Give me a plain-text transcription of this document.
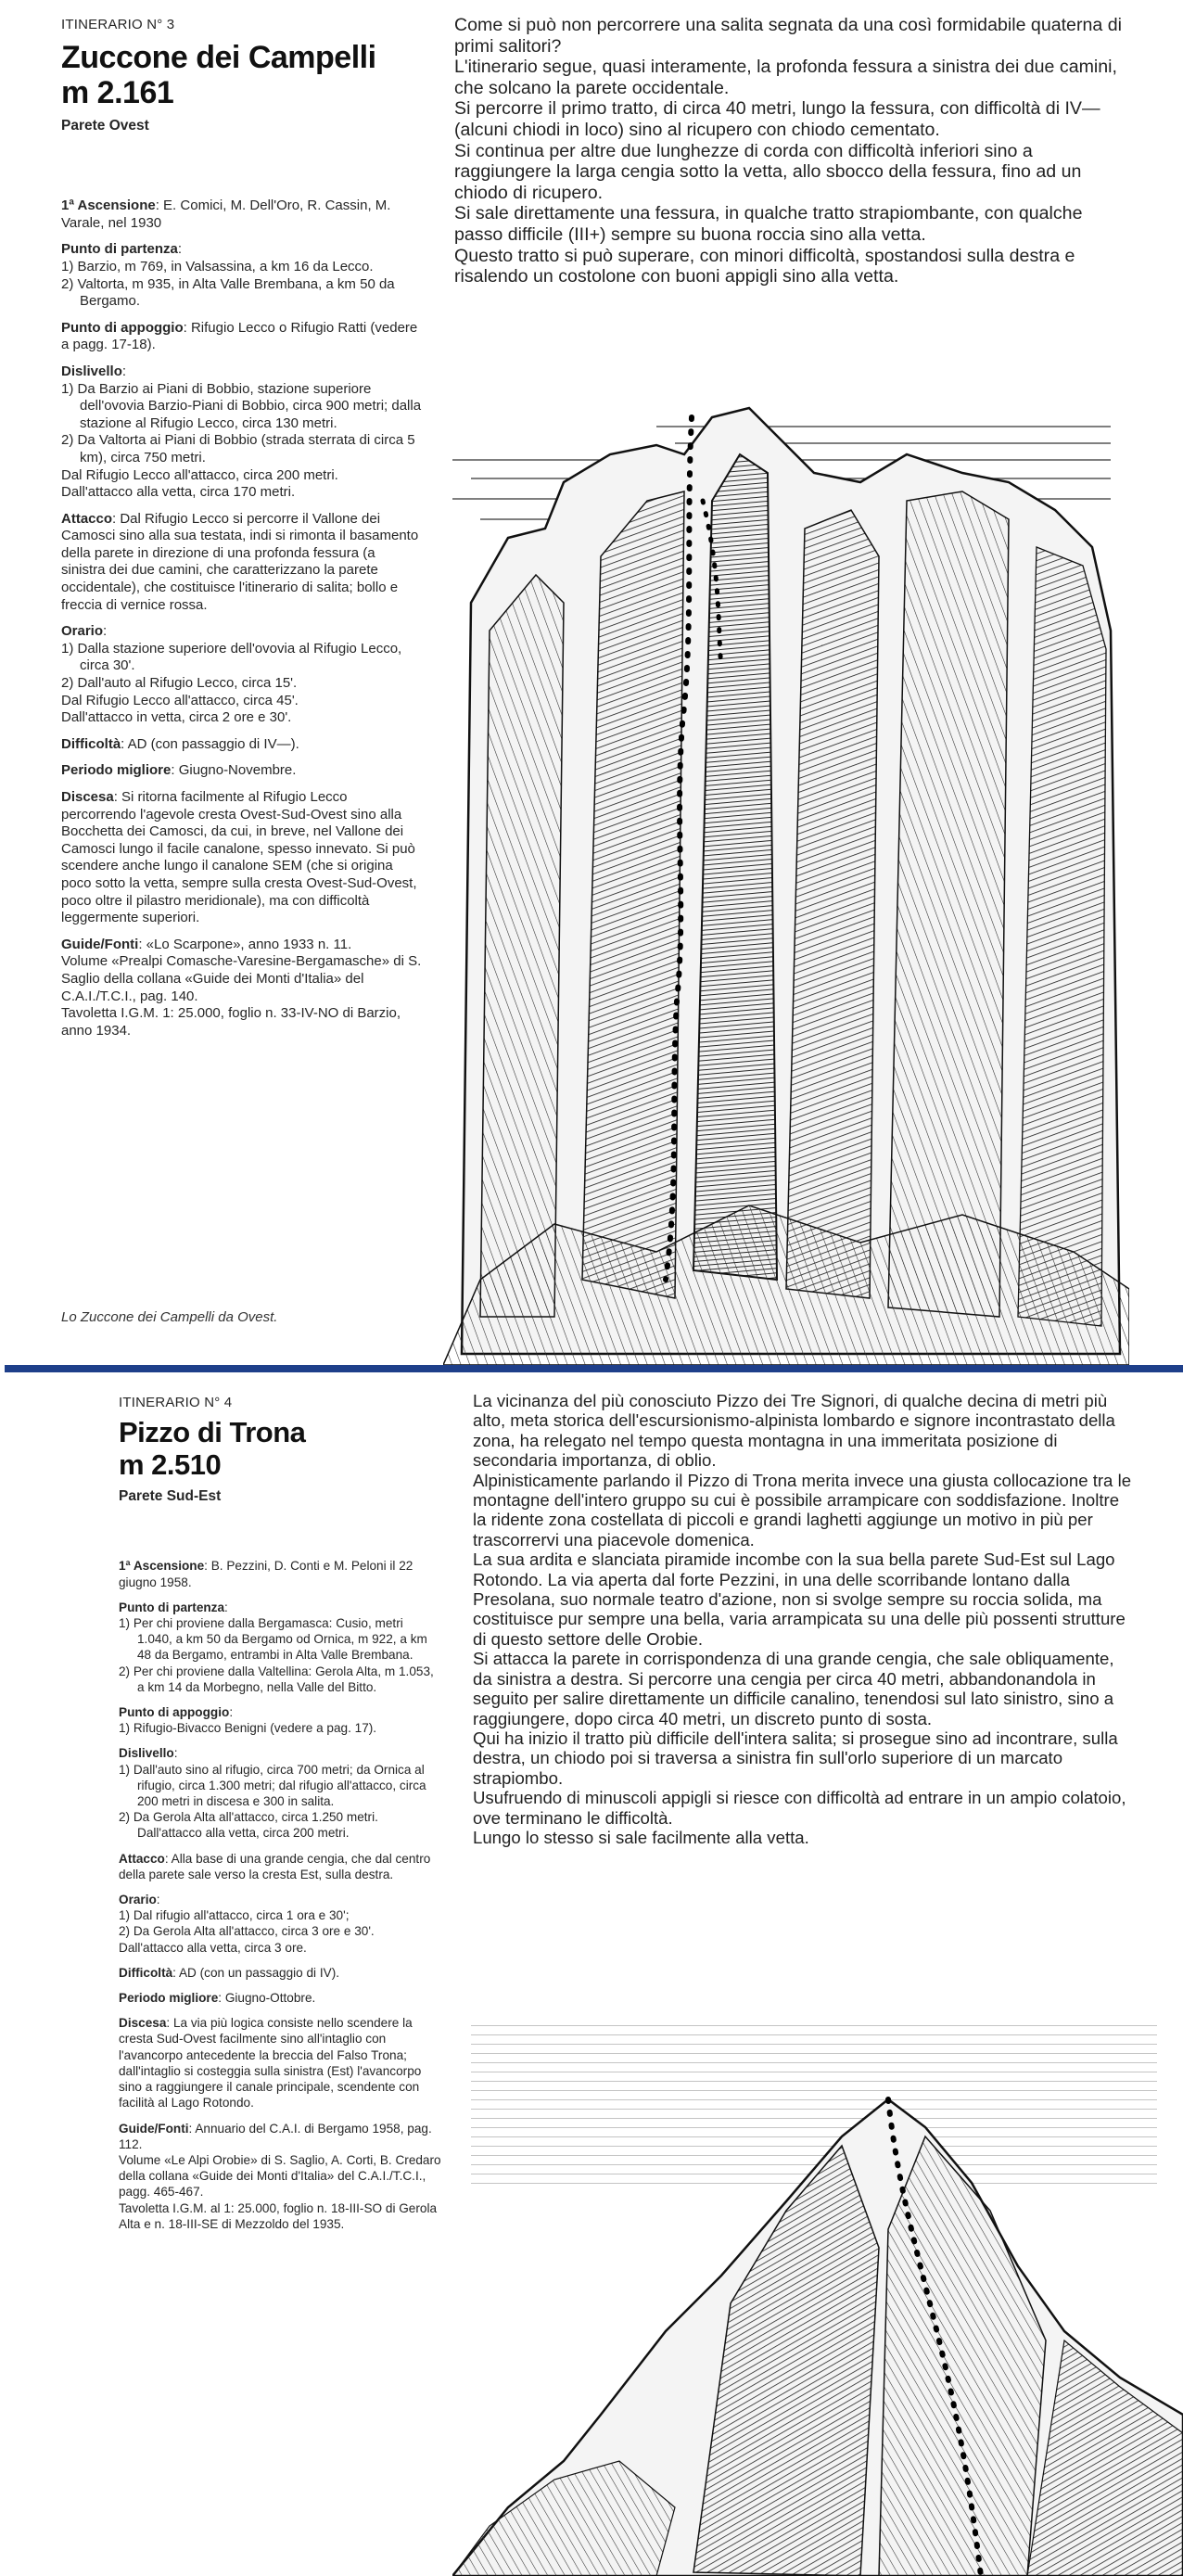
ITINERARIO N° 3

Zuccone dei Campelli
m 2.161

Parete Ovest

1ª Ascensione: E. Comici, M. Dell'Oro, R. Cassin, M. Varale, nel 1930
Punto di partenza:

1) Barzio, m 769, in Valsassina, a km 16 da Lecco.

2) Valtorta, m 935, in Alta Valle Brembana, a km 50 da Bergamo.

Punto di appoggio: Rifugio Lecco o Rifugio Ratti (vedere a pagg. 17-18).
Dislivello:

1) Da Barzio ai Piani di Bobbio, stazione superiore dell'ovovia Barzio-Piani di Bobbio, circa 900 metri; dalla stazione al Rifugio Lecco, circa 130 metri.

2) Da Valtorta ai Piani di Bobbio (strada sterrata di circa 5 km), circa 750 metri.

Dal Rifugio Lecco all'attacco, circa 200 metri.

Dall'attacco alla vetta, circa 170 metri.

Attacco: Dal Rifugio Lecco si percorre il Vallone dei Camosci sino alla sua testata, indi si rimonta il basamento della parete in direzione di una profonda fessura (a sinistra dei due camini, che caratterizzano la parete occidentale), che costituisce l'itinerario di salita; bollo e freccia di vernice rossa.
Orario:

1) Dalla stazione superiore dell'ovovia al Rifugio Lecco, circa 30'.

2) Dall'auto al Rifugio Lecco, circa 15'.

Dal Rifugio Lecco all'attacco, circa 45'.

Dall'attacco in vetta, circa 2 ore e 30'.

Difficoltà: AD (con passaggio di IV—).
Periodo migliore: Giugno-Novembre.
Discesa: Si ritorna facilmente al Rifugio Lecco percorrendo l'agevole cresta Ovest-Sud-Ovest sino alla Bocchetta dei Camosci, da cui, in breve, nel Vallone dei Camosci lungo il facile canalone, spesso innevato. Si può scendere anche lungo il canalone SEM (che si origina poco sotto la vetta, sempre sulla cresta Ovest-Sud-Ovest, poco oltre il pilastro meridionale), ma con difficoltà leggermente superiori.
Guide/Fonti: «Lo Scarpone», anno 1933 n. 11.

Volume «Prealpi Comasche-Varesine-Bergamasche» di S. Saglio della collana «Guide dei Monti d'Italia» del C.A.I./T.C.I., pag. 140.

Tavoletta I.G.M. 1: 25.000, foglio n. 33-IV-NO di Barzio, anno 1934.

Lo Zuccone dei Campelli da Ovest.

Come si può non percorrere una salita segnata da una così formidabile quaterna di primi salitori?

L'itinerario segue, quasi interamente, la profonda fessura a sinistra dei due camini, che solcano la parete occidentale.

Si percorre il primo tratto, di circa 40 metri, lungo la fessura, con difficoltà di IV— (alcuni chiodi in loco) sino al ricupero con chiodo cementato.

Si continua per altre due lunghezze di corda con difficoltà inferiori sino a raggiungere la larga cengia sotto la vetta, allo sbocco della fessura, fino ad un chiodo di ricupero.

Si sale direttamente una fessura, in qualche tratto strapiombante, con qualche passo difficile (III+) sempre su buona roccia sino alla vetta.

Questo tratto si può superare, con minori difficoltà, spostandosi sulla destra e risalendo un costolone con buoni appigli sino alla vetta.

ITINERARIO N° 4

Pizzo di Trona
m 2.510

Parete Sud-Est

1ª Ascensione: B. Pezzini, D. Conti e M. Peloni il 22 giugno 1958.
Punto di partenza:

1) Per chi proviene dalla Bergamasca: Cusio, metri 1.040, a km 50 da Bergamo od Ornica, m 922, a km 48 da Bergamo, entrambi in Alta Valle Brembana.

2) Per chi proviene dalla Valtellina: Gerola Alta, m 1.053, a km 14 da Morbegno, nella Valle del Bitto.

Punto di appoggio:

1) Rifugio-Bivacco Benigni (vedere a pag. 17).

Dislivello:

1) Dall'auto sino al rifugio, circa 700 metri; da Ornica al rifugio, circa 1.300 metri; dal rifugio all'attacco, circa 200 metri in discesa e 300 in salita.

2) Da Gerola Alta all'attacco, circa 1.250 metri. Dall'attacco alla vetta, circa 200 metri.

Attacco: Alla base di una grande cengia, che dal centro della parete sale verso la cresta Est, sulla destra.
Orario:

1) Dal rifugio all'attacco, circa 1 ora e 30';

2) Da Gerola Alta all'attacco, circa 3 ore e 30'.

Dall'attacco alla vetta, circa 3 ore.

Difficoltà: AD (con un passaggio di IV).
Periodo migliore: Giugno-Ottobre.
Discesa: La via più logica consiste nello scendere la cresta Sud-Ovest facilmente sino all'intaglio con l'avancorpo antecedente la breccia del Falso Trona; dall'intaglio si costeggia sulla sinistra (Est) l'avancorpo sino a raggiungere il canale principale, scendente con facilità al Lago Rotondo.
Guide/Fonti: Annuario del C.A.I. di Bergamo 1958, pag. 112.

Volume «Le Alpi Orobie» di S. Saglio, A. Corti, B. Credaro della collana «Guide dei Monti d'Italia» del C.A.I./T.C.I., pagg. 465-467.

Tavoletta I.G.M. al 1: 25.000, foglio n. 18-III-SO di Gerola Alta e n. 18-III-SE di Mezzoldo del 1935.

La vicinanza del più conosciuto Pizzo dei Tre Signori, di qualche decina di metri più alto, meta storica dell'escursionismo-alpinista lombardo e signore incontrastato della zona, ha relegato nel tempo questa montagna in una immeritata posizione di secondaria importanza, di oblio.

Alpinisticamente parlando il Pizzo di Trona merita invece una giusta collocazione tra le montagne dell'intero gruppo su cui è possibile arrampicare con soddisfazione. Inoltre la ridente zona costellata di piccoli e grandi laghetti aggiunge un motivo in più per trascorrervi una piacevole domenica.

La sua ardita e slanciata piramide incombe con la sua bella parete Sud-Est sul Lago Rotondo. La via aperta dal forte Pezzini, in una delle scorribande lontano dalla Presolana, suo normale teatro d'azione, non si svolge sempre su roccia solida, ma costituisce pur sempre una bella, varia arrampicata su una delle più possenti strutture di questo settore delle Orobie.

Si attacca la parete in corrispondenza di una grande cengia, che sale obliquamente, da sinistra a destra. Si percorre una cengia per circa 40 metri, abbandonandola in seguito per salire direttamente un difficile canalino, tenendosi sul lato sinistro, sino a raggiungere, dopo circa 40 metri, un discreto punto di sosta.

Qui ha inizio il tratto più difficile dell'intera salita; si prosegue sino ad incontrare, sulla destra, un chiodo poi si traversa a sinistra fin sull'orlo superiore di un marcato strapiombo.

Usufruendo di minuscoli appigli si riesce con difficoltà ad entrare in un ampio colatoio, ove terminano le difficoltà.

Lungo lo stesso si sale facilmente alla vetta.
